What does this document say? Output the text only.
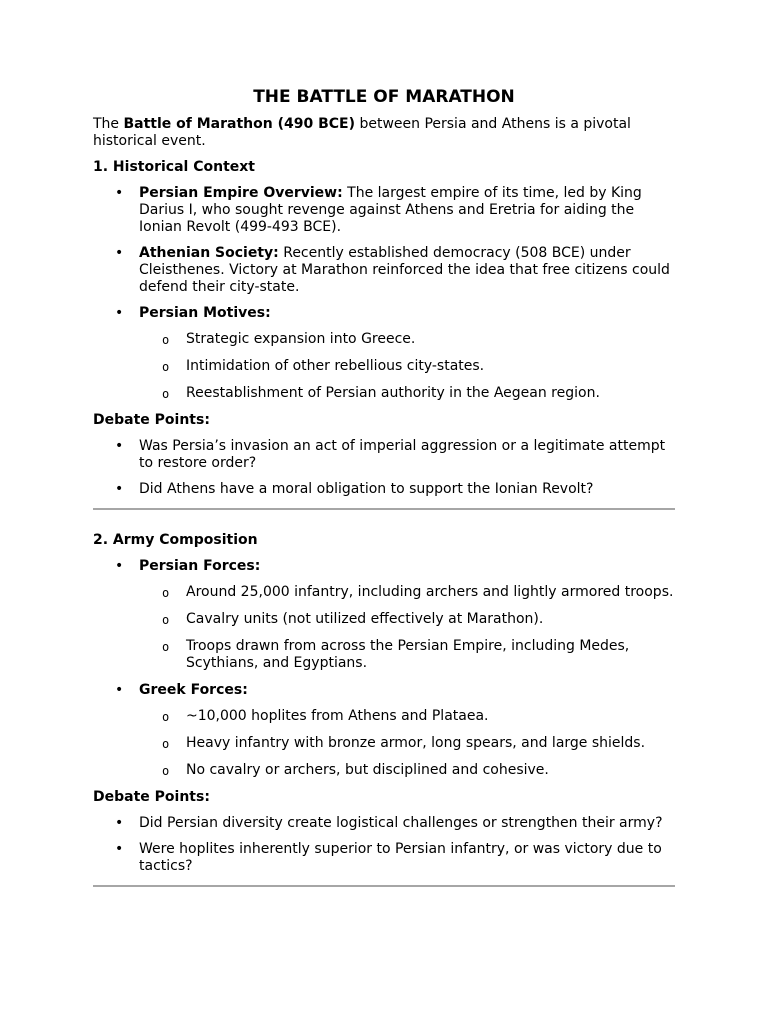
THE BATTLE OF MARATHON

The Battle of Marathon (490 BCE) between Persia and Athens is a pivotal historical event.

1. Historical Context

• Persian Empire Overview: The largest empire of its time, led by King Darius I, who sought revenge against Athens and Eretria for aiding the Ionian Revolt (499-493 BCE).
• Athenian Society: Recently established democracy (508 BCE) under Cleisthenes. Victory at Marathon reinforced the idea that free citizens could defend their city-state.
• Persian Motives:
o Strategic expansion into Greece.
o Intimidation of other rebellious city-states.
o Reestablishment of Persian authority in the Aegean region.

Debate Points:

• Was Persia’s invasion an act of imperial aggression or a legitimate attempt to restore order?
• Did Athens have a moral obligation to support the Ionian Revolt?

2. Army Composition

• Persian Forces:
o Around 25,000 infantry, including archers and lightly armored troops.
o Cavalry units (not utilized effectively at Marathon).
o Troops drawn from across the Persian Empire, including Medes, Scythians, and Egyptians.
• Greek Forces:
o ~10,000 hoplites from Athens and Plataea.
o Heavy infantry with bronze armor, long spears, and large shields.
o No cavalry or archers, but disciplined and cohesive.

Debate Points:

• Did Persian diversity create logistical challenges or strengthen their army?
• Were hoplites inherently superior to Persian infantry, or was victory due to tactics?
